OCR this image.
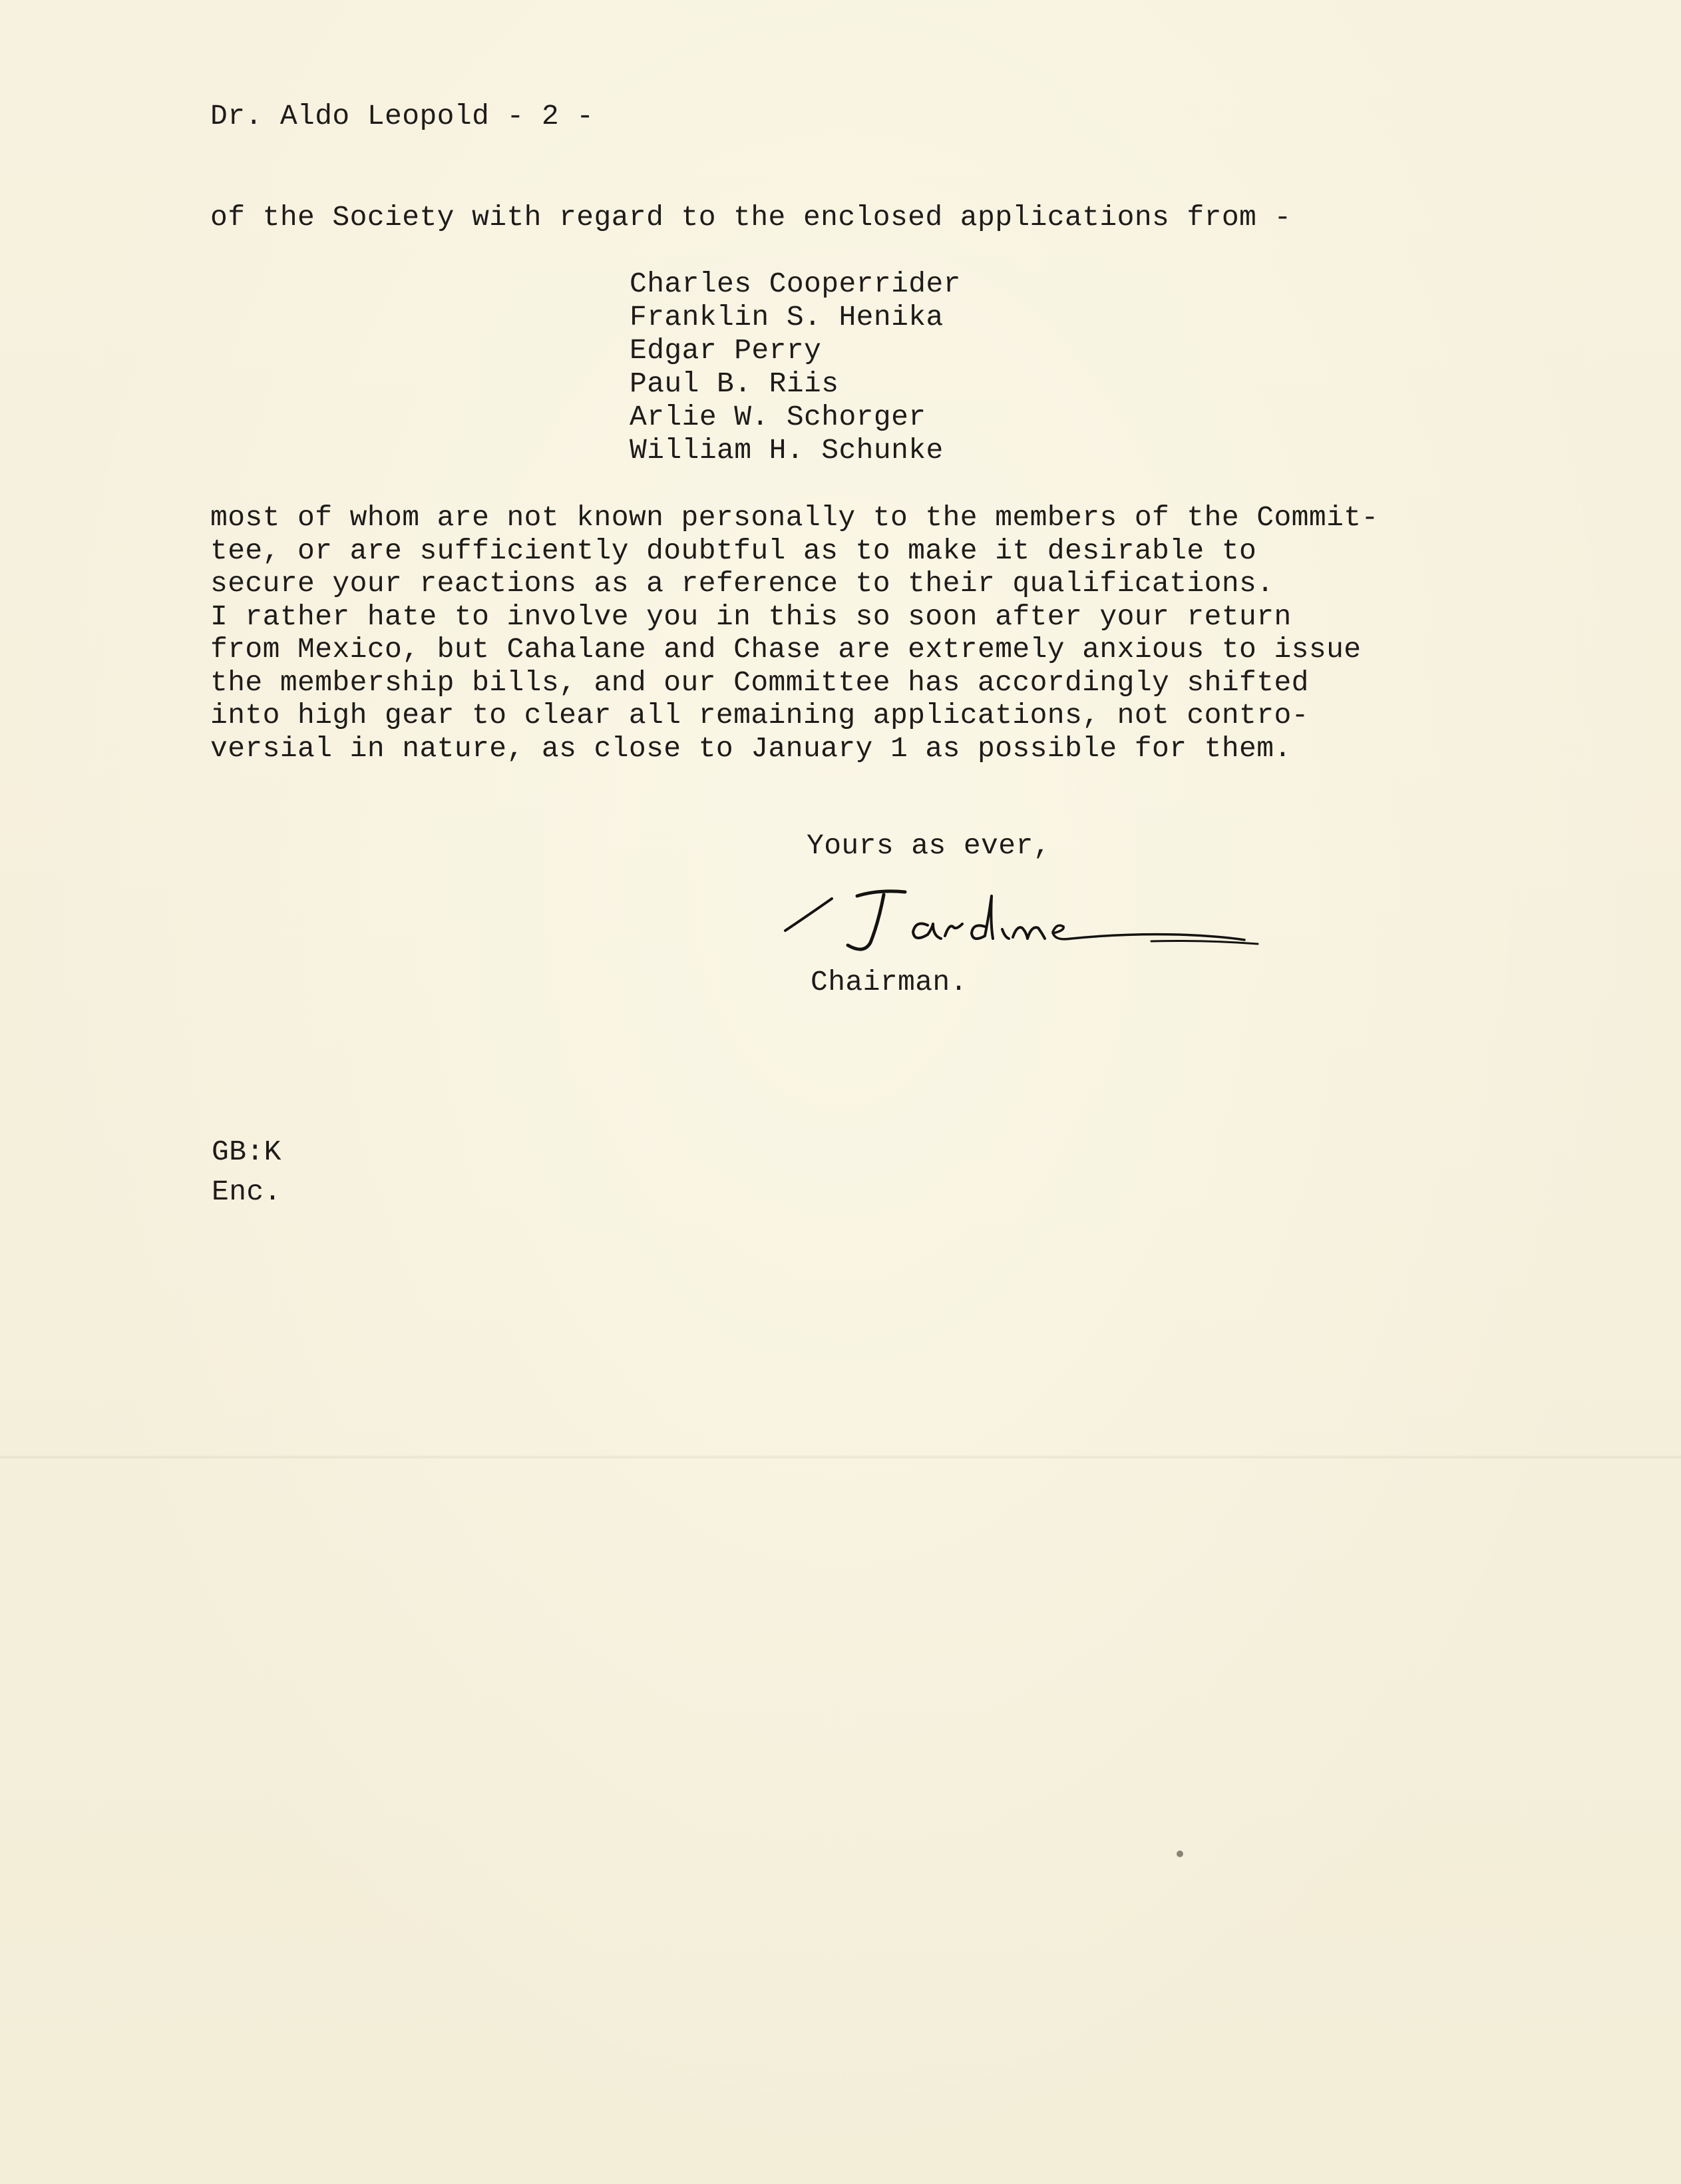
Dr. Aldo Leopold - 2 -

of the Society with regard to the enclosed applications from -

Charles Cooperrider
Franklin S. Henika
Edgar Perry
Paul B. Riis
Arlie W. Schorger
William H. Schunke
most of whom are not known personally to the members of the Commit-
tee, or are sufficiently doubtful as to make it desirable to
secure your reactions as a reference to their qualifications.
I rather hate to involve you in this so soon after your return
from Mexico, but Cahalane and Chase are extremely anxious to issue
the membership bills, and our Committee has accordingly shifted
into high gear to clear all remaining applications, not contro-
versial in nature, as close to January 1 as possible for them.

Yours as ever,

Chairman.

GB:K

Enc.
